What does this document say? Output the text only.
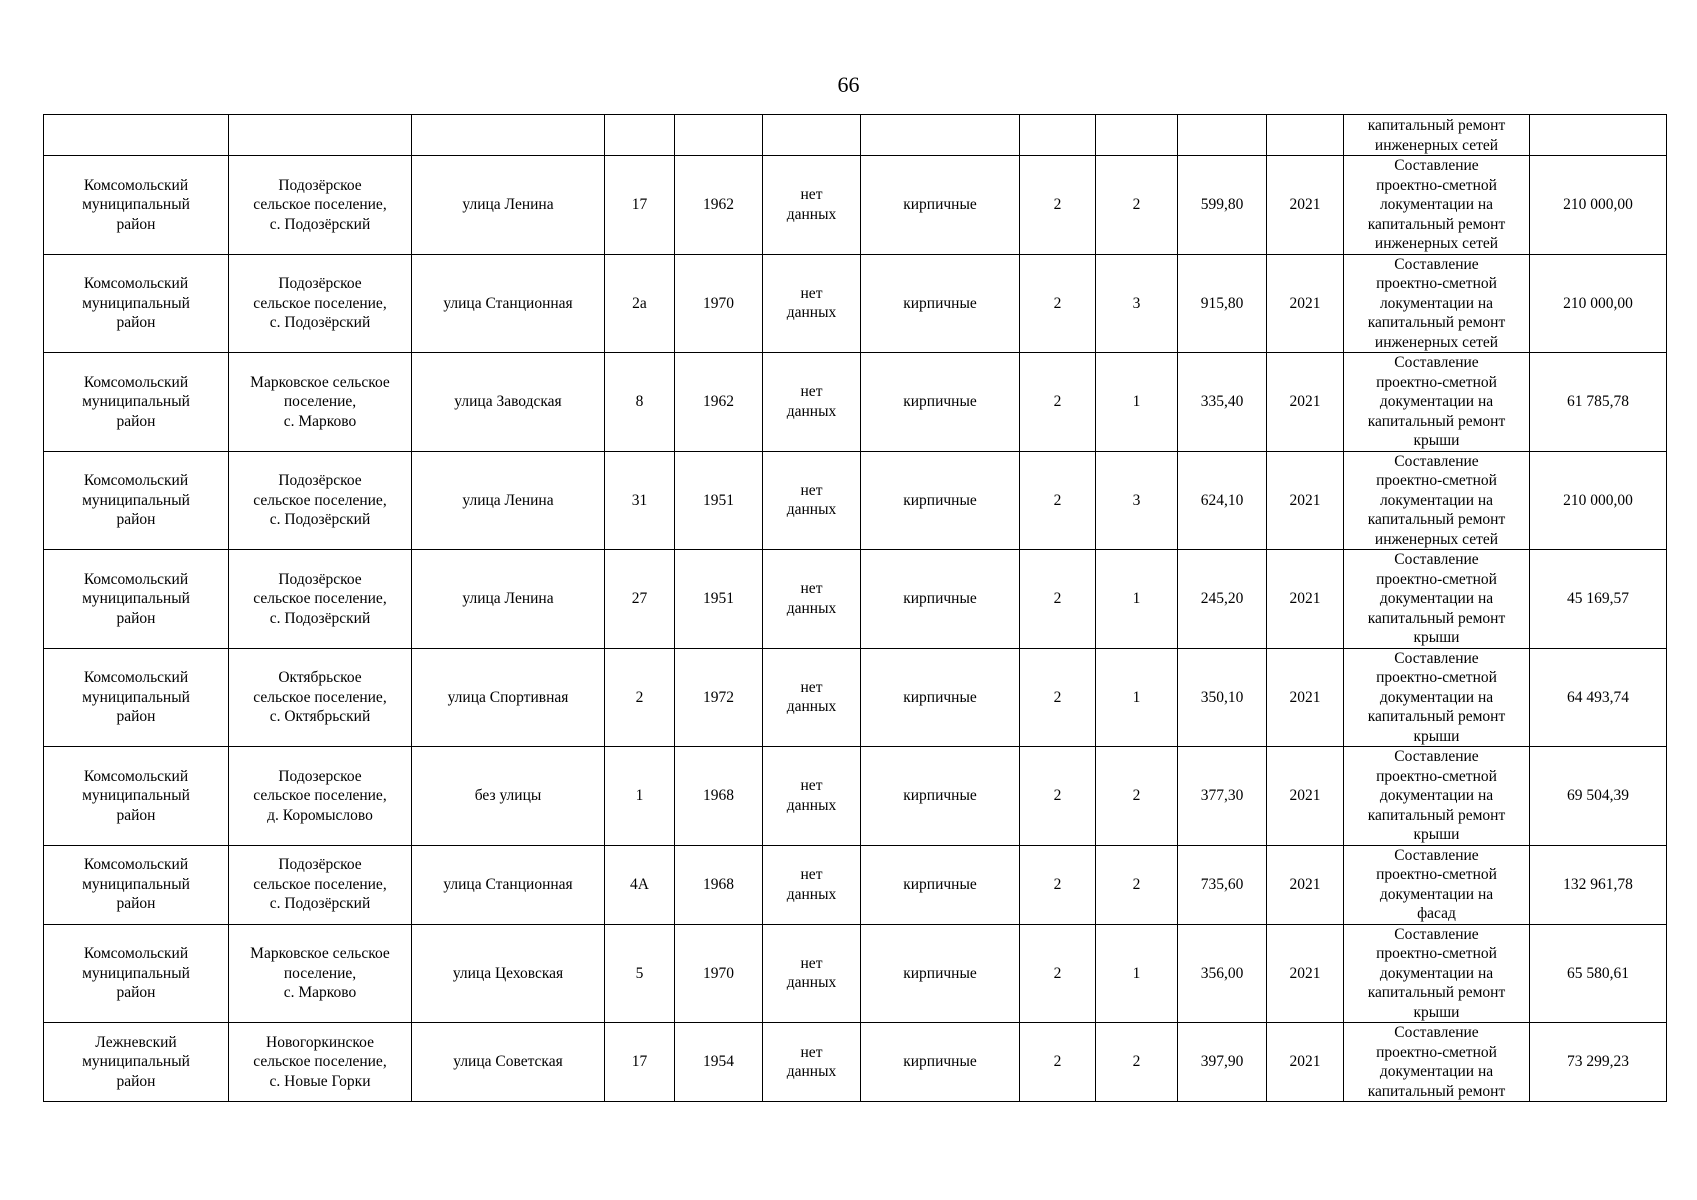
66
											капитальный ремонт
инженерных сетей	
Комсомольский
муниципальный
район	Подозёрское
сельское поселение,
с. Подозёрский	улица Ленина	17	1962	нет
данных	кирпичные	2	2	599,80	2021	Составление
проектно-сметной
локументации на
капитальный ремонт
инженерных сетей	210 000,00
Комсомольский
муниципальный
район	Подозёрское
сельское поселение,
с. Подозёрский	улица Станционная	2а	1970	нет
данных	кирпичные	2	3	915,80	2021	Составление
проектно-сметной
локументации на
капитальный ремонт
инженерных сетей	210 000,00
Комсомольский
муниципальный
район	Марковское сельское
поселение,
с. Марково	улица Заводская	8	1962	нет
данных	кирпичные	2	1	335,40	2021	Составление
проектно-сметной
документации на
капитальный ремонт
крыши	61 785,78
Комсомольский
муниципальный
район	Подозёрское
сельское поселение,
с. Подозёрский	улица Ленина	31	1951	нет
данных	кирпичные	2	3	624,10	2021	Составление
проектно-сметной
локументации на
капитальный ремонт
инженерных сетей	210 000,00
Комсомольский
муниципальный
район	Подозёрское
сельское поселение,
с. Подозёрский	улица Ленина	27	1951	нет
данных	кирпичные	2	1	245,20	2021	Составление
проектно-сметной
документации на
капитальный ремонт
крыши	45 169,57
Комсомольский
муниципальный
район	Октябрьское
сельское поселение,
с. Октябрьский	улица Спортивная	2	1972	нет
данных	кирпичные	2	1	350,10	2021	Составление
проектно-сметной
документации на
капитальный ремонт
крыши	64 493,74
Комсомольский
муниципальный
район	Подозерское
сельское поселение,
д. Коромыслово	без улицы	1	1968	нет
данных	кирпичные	2	2	377,30	2021	Составление
проектно-сметной
документации на
капитальный ремонт
крыши	69 504,39
Комсомольский
муниципальный
район	Подозёрское
сельское поселение,
с. Подозёрский	улица Станционная	4А	1968	нет
данных	кирпичные	2	2	735,60	2021	Составление
проектно-сметной
документации на
фасад	132 961,78
Комсомольский
муниципальный
район	Марковское сельское
поселение,
с. Марково	улица Цеховская	5	1970	нет
данных	кирпичные	2	1	356,00	2021	Составление
проектно-сметной
документации на
капитальный ремонт
крыши	65 580,61
Лежневский
муниципальный
район	Новогоркинское
сельское поселение,
с. Новые Горки	улица Советская	17	1954	нет
данных	кирпичные	2	2	397,90	2021	Составление
проектно-сметной
документации на
капитальный ремонт	73 299,23
